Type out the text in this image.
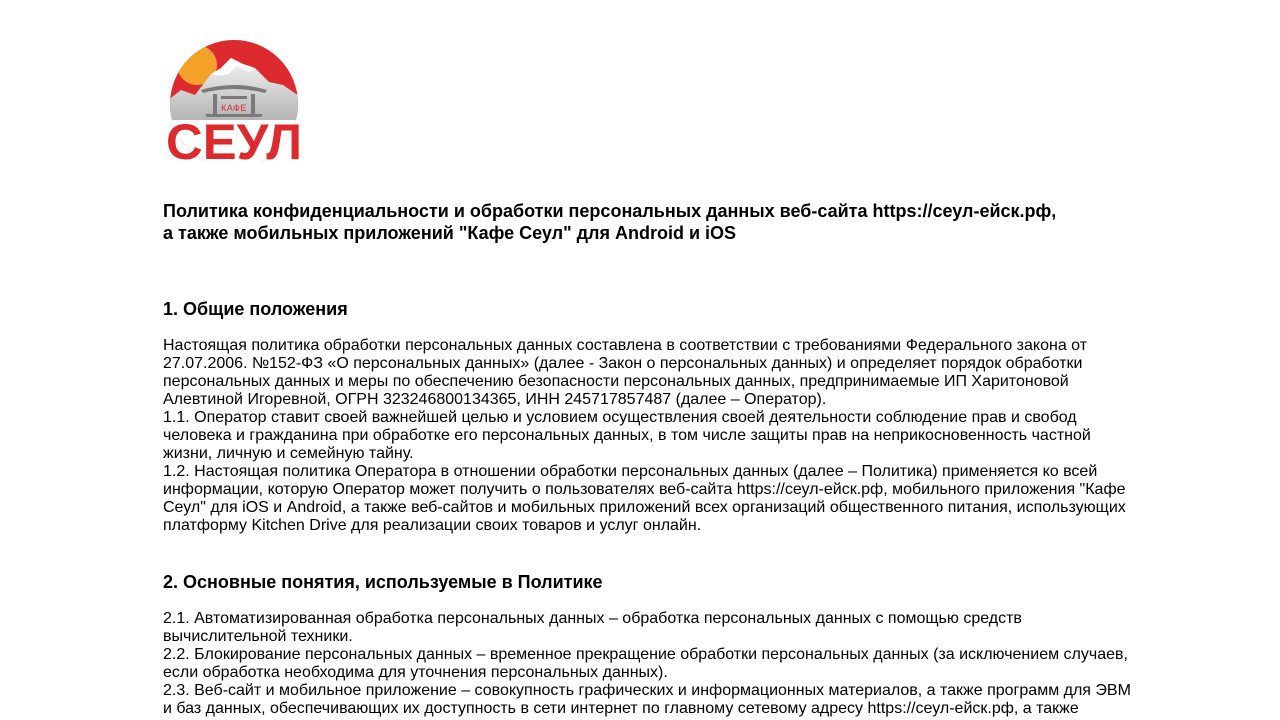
КАФЕ
СЕУЛ
Политика конфиденциальности и обработки персональных данных веб-сайта https://сеул-ейск.рф,
а также мобильных приложений "Кафе Сеул" для Android и iOS
1. Общие положения

Настоящая политика обработки персональных данных составлена в соответствии с требованиями Федерального закона от 27.07.2006. №152-ФЗ «О персональных данных» (далее - Закон о персональных данных) и определяет порядок обработки персональных данных и меры по обеспечению безопасности персональных данных, предпринимаемые ИП Харитоновой Алевтиной Игоревной, ОГРН 323246800134365, ИНН 245717857487 (далее – Оператор).

1.1. Оператор ставит своей важнейшей целью и условием осуществления своей деятельности соблюдение прав и свобод человека и гражданина при обработке его персональных данных, в том числе защиты прав на неприкосновенность частной жизни, личную и семейную тайну.

1.2. Настоящая политика Оператора в отношении обработки персональных данных (далее – Политика) применяется ко всей информации, которую Оператор может получить о пользователях веб-сайта https://сеул-ейск.рф, мобильного приложения "Кафе Сеул" для iOS и Android, а также веб-сайтов и мобильных приложений всех организаций общественного питания, использующих платформу Kitchen Drive для реализации своих товаров и услуг онлайн.

2. Основные понятия, используемые в Политике

2.1. Автоматизированная обработка персональных данных – обработка персональных данных с помощью средств вычислительной техники.

2.2. Блокирование персональных данных – временное прекращение обработки персональных данных (за исключением случаев, если обработка необходима для уточнения персональных данных).

2.3. Веб-сайт и мобильное приложение – совокупность графических и информационных материалов, а также программ для ЭВМ и баз данных, обеспечивающих их доступность в сети интернет по главному сетевому адресу https://сеул-ейск.рф, а также
